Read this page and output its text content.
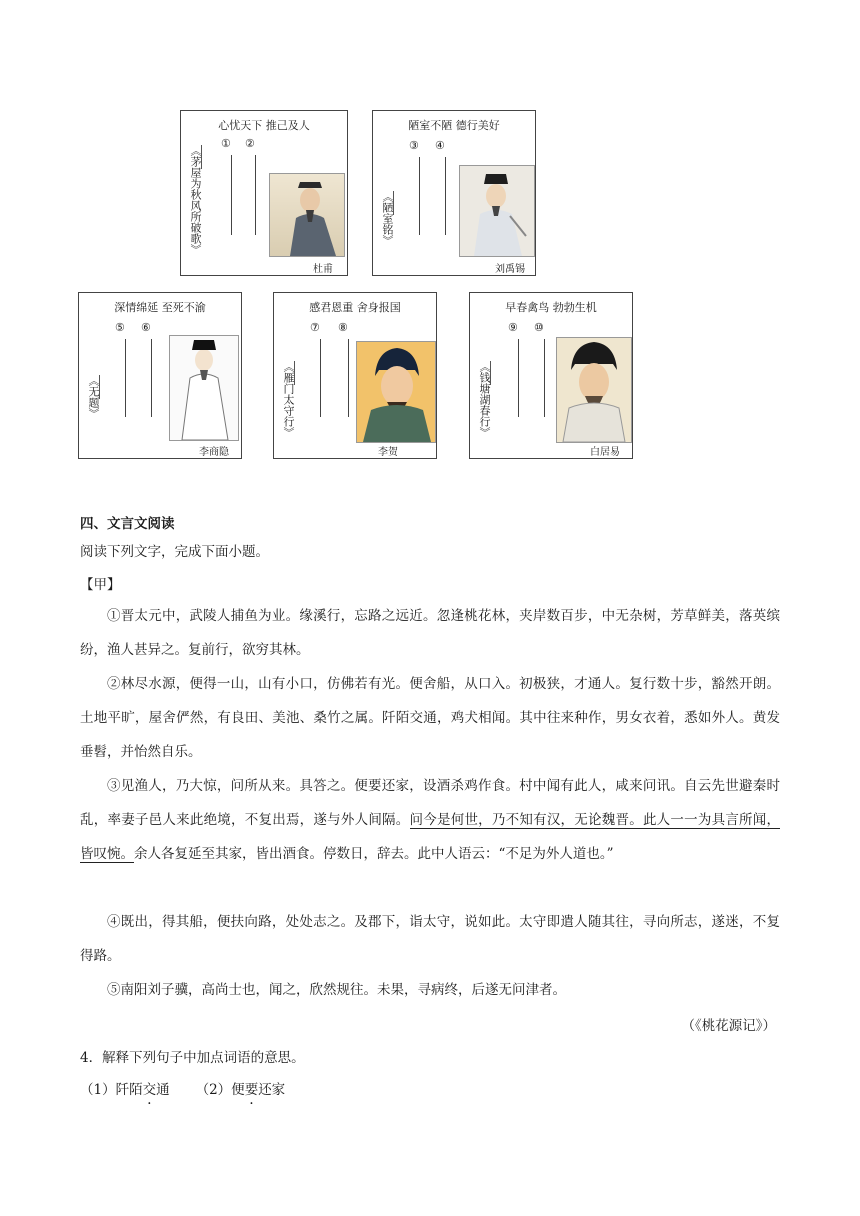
心忧天下 推己及人
《茅屋为秋风所破歌》
① ②
杜甫
陋室不陋 德行美好
《陋室铭》
③ ④
刘禹锡
深情绵延 至死不渝
《无题》
⑤ ⑥
李商隐
感君恩重 舍身报国
《雁门太守行》
⑦ ⑧
李贺
早春禽鸟 勃勃生机
《钱塘湖春行》
⑨ ⑩
白居易
四、文言文阅读
阅读下列文字，完成下面小题。
【甲】
①晋太元中，武陵人捕鱼为业。缘溪行，忘路之远近。忽逢桃花林，夹岸数百步，中无杂树，芳草鲜美，落英缤纷，渔人甚异之。复前行，欲穷其林。
②林尽水源，便得一山，山有小口，仿佛若有光。便舍船，从口入。初极狭，才通人。复行数十步，豁然开朗。土地平旷，屋舍俨然，有良田、美池、桑竹之属。阡陌交通，鸡犬相闻。其中往来种作，男女衣着，悉如外人。黄发垂髫，并怡然自乐。
③见渔人，乃大惊，问所从来。具答之。便要还家，设酒杀鸡作食。村中闻有此人，咸来问讯。自云先世避秦时乱，率妻子邑人来此绝境，不复出焉，遂与外人间隔。问今是何世，乃不知有汉，无论魏晋。此人一一为具言所闻，皆叹惋。余人各复延至其家，皆出酒食。停数日，辞去。此中人语云：“不足为外人道也。”
④既出，得其船，便扶向路，处处志之。及郡下，诣太守，说如此。太守即遣人随其往，寻向所志，遂迷，不复得路。
⑤南阳刘子骥，高尚士也，闻之，欣然规往。未果，寻病终，后遂无问津者。
（《桃花源记》）
4．解释下列句子中加点词语的意思。
（1）阡陌交通 （2）便要还家
